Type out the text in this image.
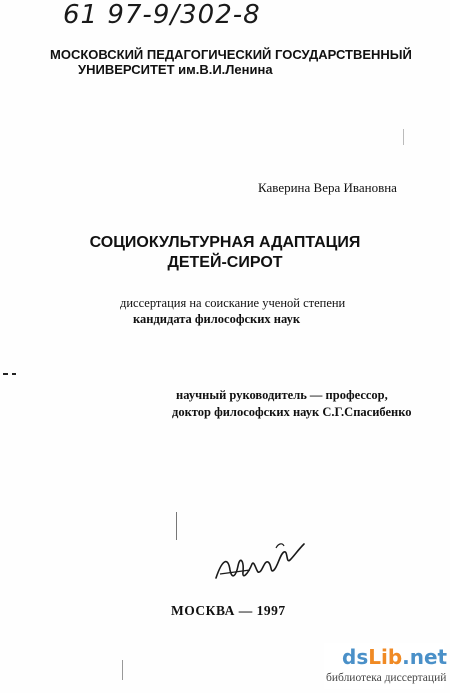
61 97-9/302-8
МОСКОВСКИЙ ПЕДАГОГИЧЕСКИЙ ГОСУДАРСТВЕННЫЙ
УНИВЕРСИТЕТ им.В.И.Ленина
Каверина Вера Ивановна
СОЦИОКУЛЬТУРНАЯ АДАПТАЦИЯ
ДЕТЕЙ-СИРОТ
диссертация на соискание ученой степени
кандидата философских наук
научный руководитель — профессор,
доктор философских наук С.Г.Спасибенко
МОСКВА — 1997
dsLib.net
библиотека диссертаций
